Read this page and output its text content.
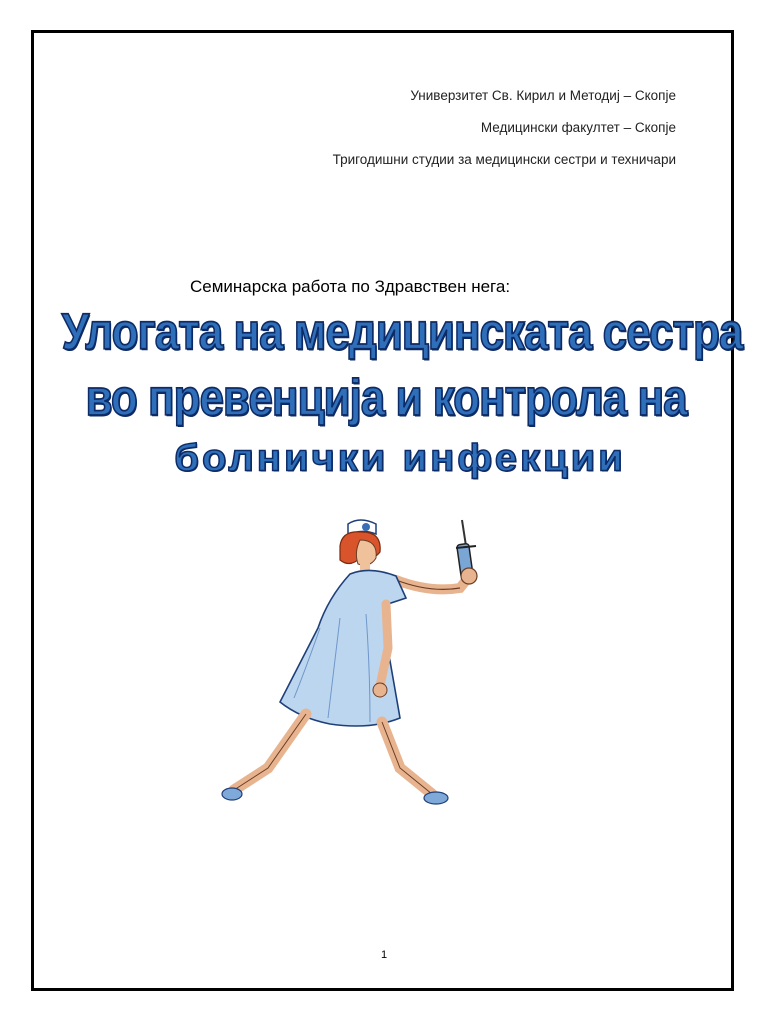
Универзитет Св. Кирил и Методиј – Скопје
Медицински факултет – Скопје
Тригодишни студии за медицински сестри и техничари
Семинарска работа по Здравствен нега:
Улогата на медицинската сестра
во превенција и контрола на
болнички инфекции
1
